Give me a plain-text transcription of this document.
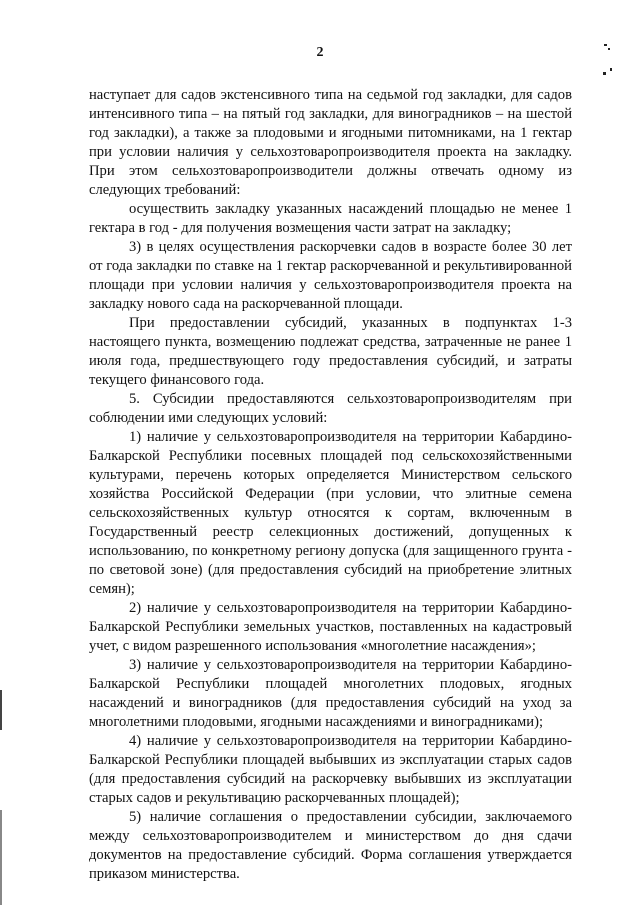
2

наступает для садов экстенсивного типа на седьмой год закладки, для садов интенсивного типа – на пятый год закладки, для виноградников – на шестой год закладки), а также за плодовыми и ягодными питомниками, на 1 гектар при условии наличия у сельхозтоваропроизводителя проекта на закладку. При этом сельхозтоваропроизводители должны отвечать одному из следующих требований:

осуществить закладку указанных насаждений площадью не менее 1 гектара в год - для получения возмещения части затрат на закладку;

3) в целях осуществления раскорчевки садов в возрасте более 30 лет от года закладки по ставке на 1 гектар раскорчеванной и рекультивированной площади при условии наличия у сельхозтоваропроизводителя проекта на закладку нового сада на раскорчеванной площади.

При предоставлении субсидий, указанных в подпунктах 1-3 настоящего пункта, возмещению подлежат средства, затраченные не ранее 1 июля года, предшествующего году предоставления субсидий, и затраты текущего финансового года.

5. Субсидии предоставляются сельхозтоваропроизводителям при соблюдении ими следующих условий:

1) наличие у сельхозтоваропроизводителя на территории Кабардино-Балкарской Республики посевных площадей под сельскохозяйственными культурами, перечень которых определяется Министерством сельского хозяйства Российской Федерации (при условии, что элитные семена сельскохозяйственных культур относятся к сортам, включенным в Государственный реестр селекционных достижений, допущенных к использованию, по конкретному региону допуска (для защищенного грунта - по световой зоне) (для предоставления субсидий на приобретение элитных семян);

2) наличие у сельхозтоваропроизводителя на территории Кабардино-Балкарской Республики земельных участков, поставленных на кадастровый учет, с видом разрешенного использования «многолетние насаждения»;

3) наличие у сельхозтоваропроизводителя на территории Кабардино-Балкарской Республики площадей многолетних плодовых, ягодных насаждений и виноградников (для предоставления субсидий на уход за многолетними плодовыми, ягодными насаждениями и виноградниками);

4) наличие у сельхозтоваропроизводителя на территории Кабардино-Балкарской Республики площадей выбывших из эксплуатации старых садов (для предоставления субсидий на раскорчевку выбывших из эксплуатации старых садов и рекультивацию раскорчеванных площадей);

5) наличие соглашения о предоставлении субсидии, заключаемого между сельхозтоваропроизводителем и министерством до дня сдачи документов на предоставление субсидий. Форма соглашения утверждается приказом министерства.
